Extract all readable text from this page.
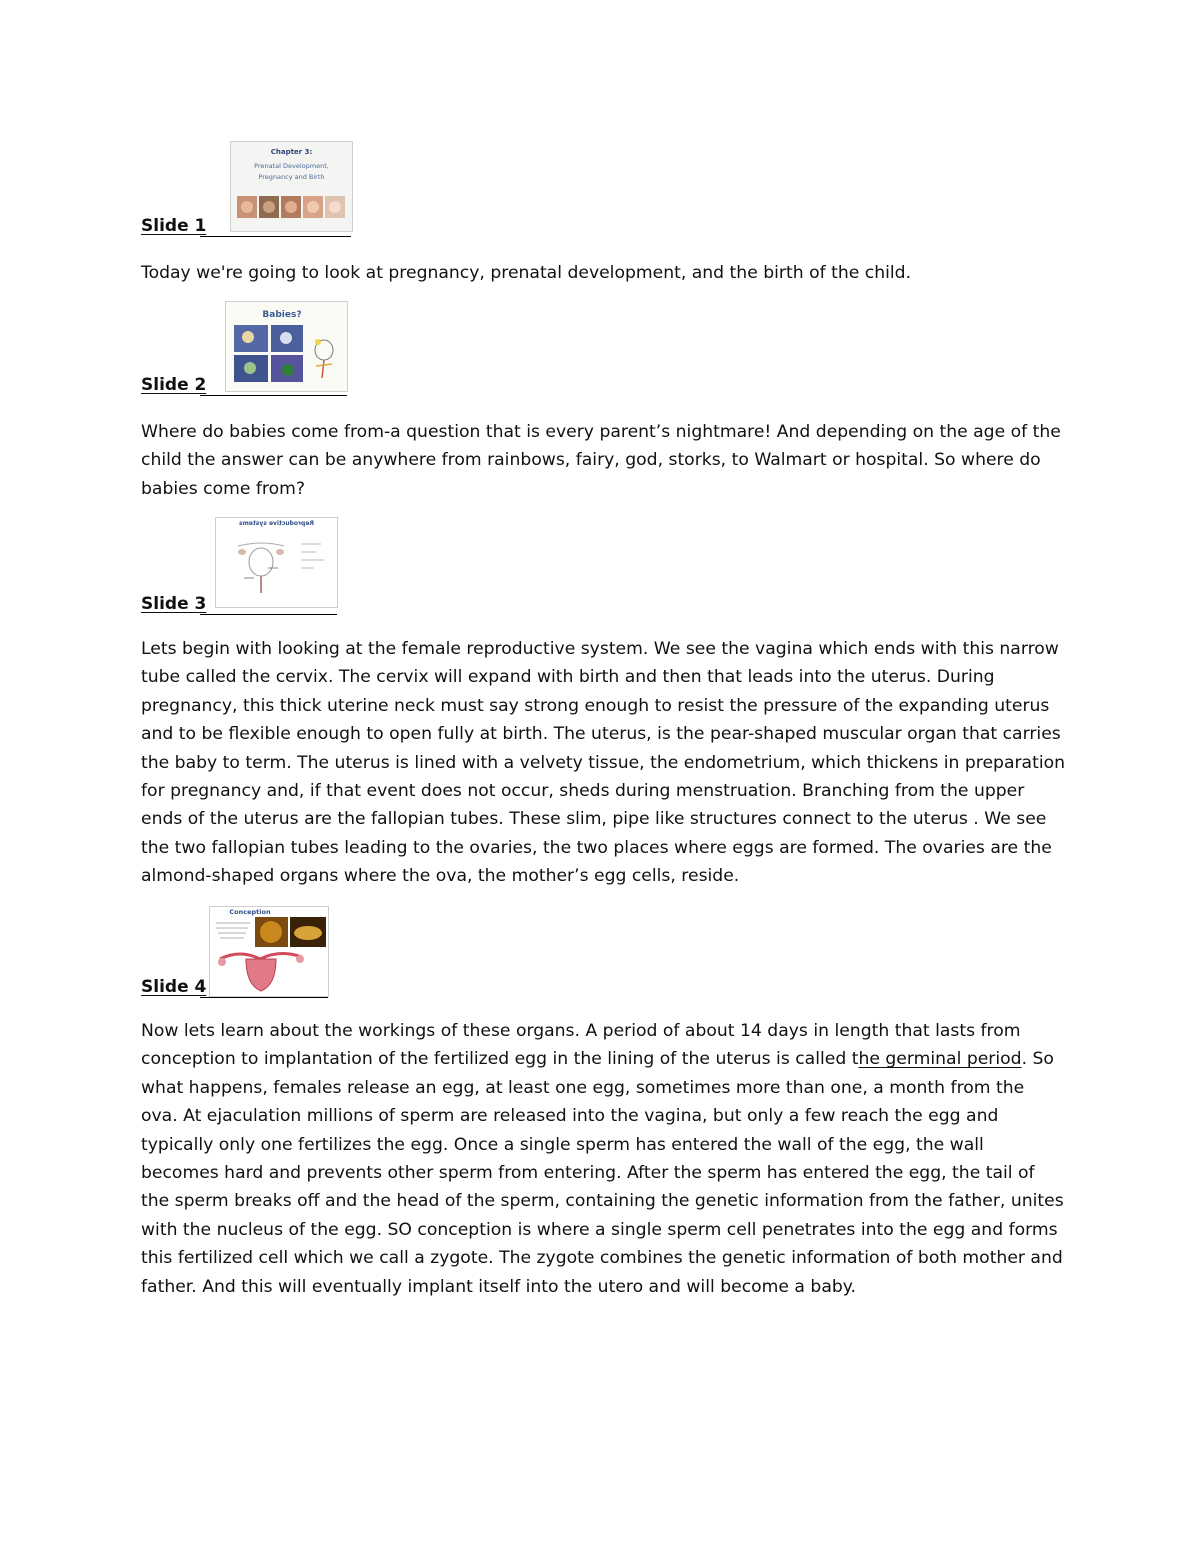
Chapter 3:
Prenatal Development,
Pregnancy and Birth
Slide 1

Today we're going to look at pregnancy, prenatal development, and the birth of the child.

Babies?
Slide 2

Where do babies come from-a question that is every parent’s nightmare! And depending on the age of the child the answer can be anywhere from rainbows, fairy, god, storks, to Walmart or hospital. So where do babies come from?

Reproductive systems
Slide 3

Lets begin with looking at the female reproductive system. We see the vagina which ends with this narrow tube called the cervix. The cervix will expand with birth and then that leads into the uterus. During pregnancy, this thick uterine neck must say strong enough to resist the pressure of the expanding uterus and to be flexible enough to open fully at birth. The uterus, is the pear-shaped muscular organ that carries the baby to term. The uterus is lined with a velvety tissue, the endometrium, which thickens in preparation for pregnancy and, if that event does not occur, sheds during menstruation. Branching from the upper ends of the uterus are the fallopian tubes. These slim, pipe like structures connect to the uterus . We see the two fallopian tubes leading to the ovaries, the two places where eggs are formed. The ovaries are the almond-shaped organs where the ova, the mother’s egg cells, reside.

Conception
Slide 4

Now lets learn about the workings of these organs. A period of about 14 days in length that lasts from conception to implantation of the fertilized egg in the lining of the uterus is called the germinal period. So what happens, females release an egg, at least one egg, sometimes more than one, a month from the ova. At ejaculation millions of sperm are released into the vagina, but only a few reach the egg and typically only one fertilizes the egg. Once a single sperm has entered the wall of the egg, the wall becomes hard and prevents other sperm from entering. After the sperm has entered the egg, the tail of the sperm breaks off and the head of the sperm, containing the genetic information from the father, unites with the nucleus of the egg. SO conception is where a single sperm cell penetrates into the egg and forms this fertilized cell which we call a zygote. The zygote combines the genetic information of both mother and father. And this will eventually implant itself into the utero and will become a baby.
